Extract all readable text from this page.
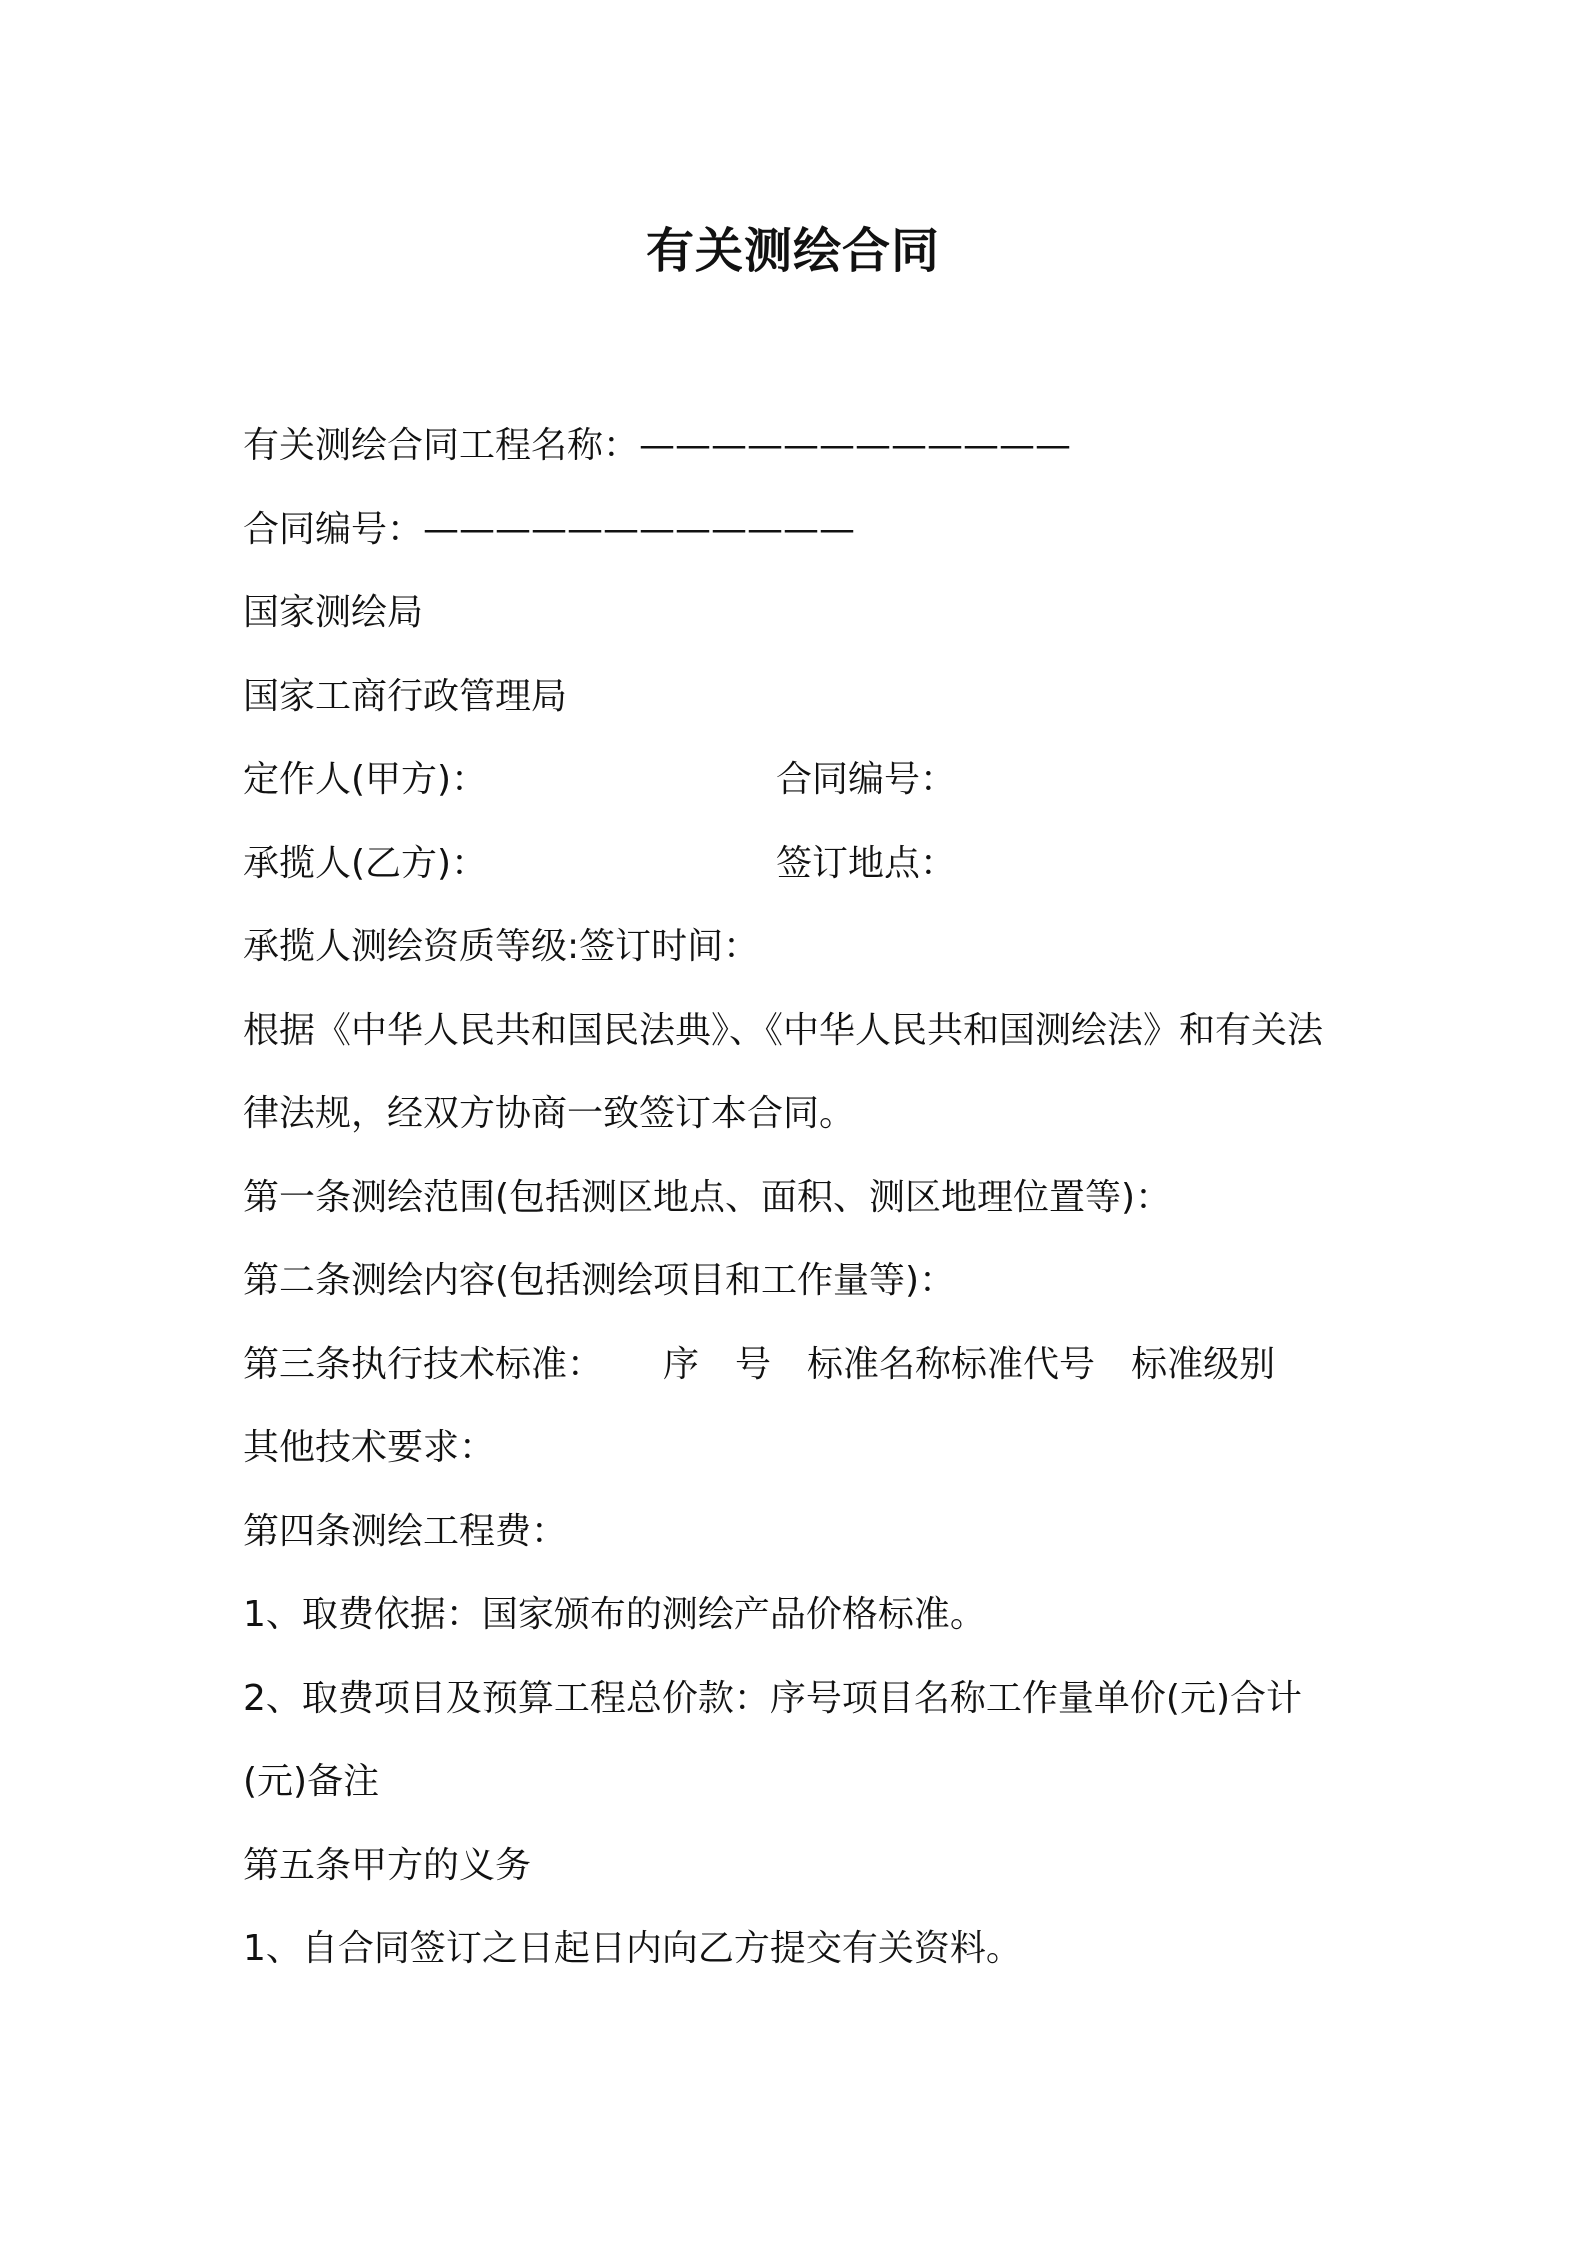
有关测绘合同
有关测绘合同工程名称：————————————
合同编号：————————————
国家测绘局
国家工商行政管理局
定作人(甲方)：	合同编号：
承揽人(乙方)：	签订地点：
承揽人测绘资质等级:签订时间：
根据《中华人民共和国民法典》、《中华人民共和国测绘法》和有关法
律法规，经双方协商一致签订本合同。
第一条测绘范围(包括测区地点、面积、测区地理位置等)：
第二条测绘内容(包括测绘项目和工作量等)：
第三条执行技术标准： 序 号 标准名称标准代号 标准级别
其他技术要求：
第四条测绘工程费：
1、取费依据：国家颁布的测绘产品价格标准。
2、取费项目及预算工程总价款：序号项目名称工作量单价(元)合计
(元)备注
第五条甲方的义务
1、自合同签订之日起日内向乙方提交有关资料。
